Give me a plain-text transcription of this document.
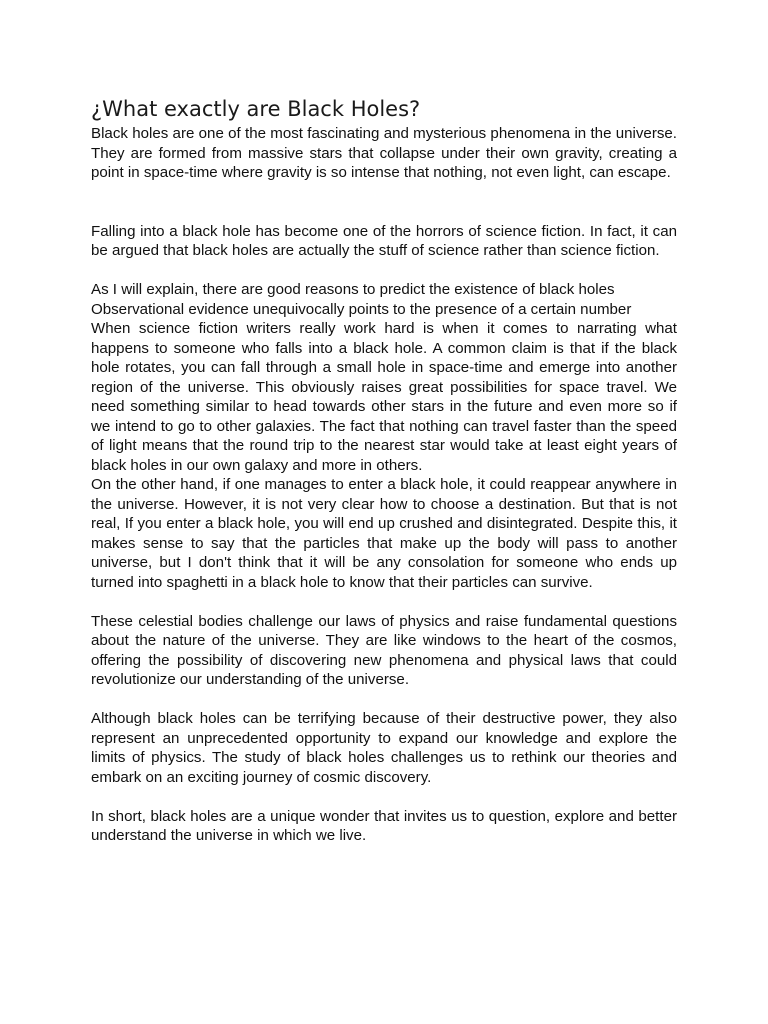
¿What exactly are Black Holes?

Black holes are one of the most fascinating and mysterious phenomena in the universe. They are formed from massive stars that collapse under their own gravity, creating a point in space-time where gravity is so intense that nothing, not even light, can escape.

Falling into a black hole has become one of the horrors of science fiction. In fact, it can be argued that black holes are actually the stuff of science rather than science fiction.

As I will explain, there are good reasons to predict the existence of black holes

Observational evidence unequivocally points to the presence of a certain number

When science fiction writers really work hard is when it comes to narrating what happens to someone who falls into a black hole. A common claim is that if the black hole rotates, you can fall through a small hole in space-time and emerge into another region of the universe. This obviously raises great possibilities for space travel. We need something similar to head towards other stars in the future and even more so if we intend to go to other galaxies. The fact that nothing can travel faster than the speed of light means that the round trip to the nearest star would take at least eight years of black holes in our own galaxy and more in others.

On the other hand, if one manages to enter a black hole, it could reappear anywhere in the universe. However, it is not very clear how to choose a destination. But that is not real, If you enter a black hole, you will end up crushed and disintegrated. Despite this, it makes sense to say that the particles that make up the body will pass to another universe, but I don't think that it will be any consolation for someone who ends up turned into spaghetti in a black hole to know that their particles can survive.

These celestial bodies challenge our laws of physics and raise fundamental questions about the nature of the universe. They are like windows to the heart of the cosmos, offering the possibility of discovering new phenomena and physical laws that could revolutionize our understanding of the universe.

Although black holes can be terrifying because of their destructive power, they also represent an unprecedented opportunity to expand our knowledge and explore the limits of physics. The study of black holes challenges us to rethink our theories and embark on an exciting journey of cosmic discovery.

In short, black holes are a unique wonder that invites us to question, explore and better understand the universe in which we live.
